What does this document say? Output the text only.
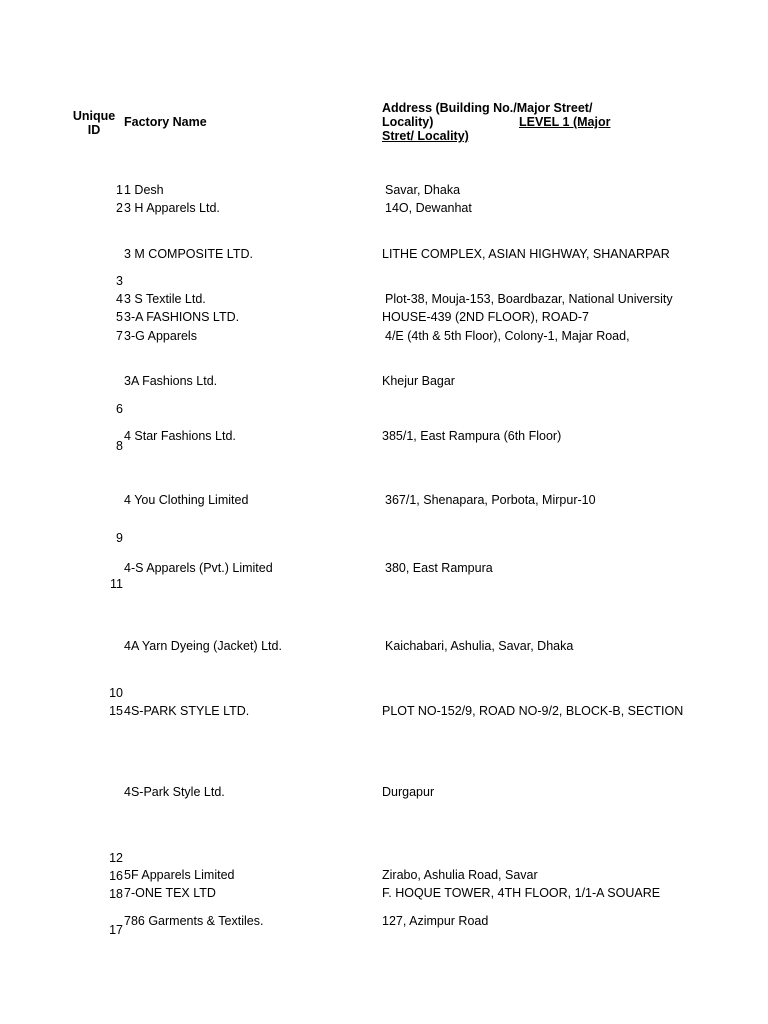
Unique
ID
Factory Name
Address (Building No./Major Street/
Locality)	LEVEL 1 (Major
Stret/ Locality)
1
2
3
4
5
7
6
8
9
11
10
15
12
16
18
17
1 Desh
3 H Apparels Ltd.
3 M COMPOSITE LTD.
3 S Textile Ltd.
3-A FASHIONS LTD.
3-G Apparels
3A Fashions Ltd.
4 Star Fashions Ltd.
4 You Clothing Limited
4-S Apparels (Pvt.) Limited
4A Yarn Dyeing (Jacket) Ltd.
4S-PARK STYLE LTD.
4S-Park Style Ltd.
5F Apparels Limited
7-ONE TEX LTD
786 Garments & Textiles.
Savar, Dhaka
14O, Dewanhat
LITHE COMPLEX, ASIAN HIGHWAY, SHANARPAR
Plot-38, Mouja-153, Boardbazar, National University
HOUSE-439 (2ND FLOOR), ROAD-7
4/E (4th & 5th Floor), Colony-1, Majar Road,
Khejur Bagar
385/1, East Rampura (6th Floor)
367/1, Shenapara, Porbota, Mirpur-10
380, East Rampura
Kaichabari, Ashulia, Savar, Dhaka
PLOT NO-152/9, ROAD NO-9/2, BLOCK-B, SECTION
Durgapur
Zirabo, Ashulia Road, Savar
F. HOQUE TOWER, 4TH FLOOR, 1/1-A SOUARE
127, Azimpur Road
